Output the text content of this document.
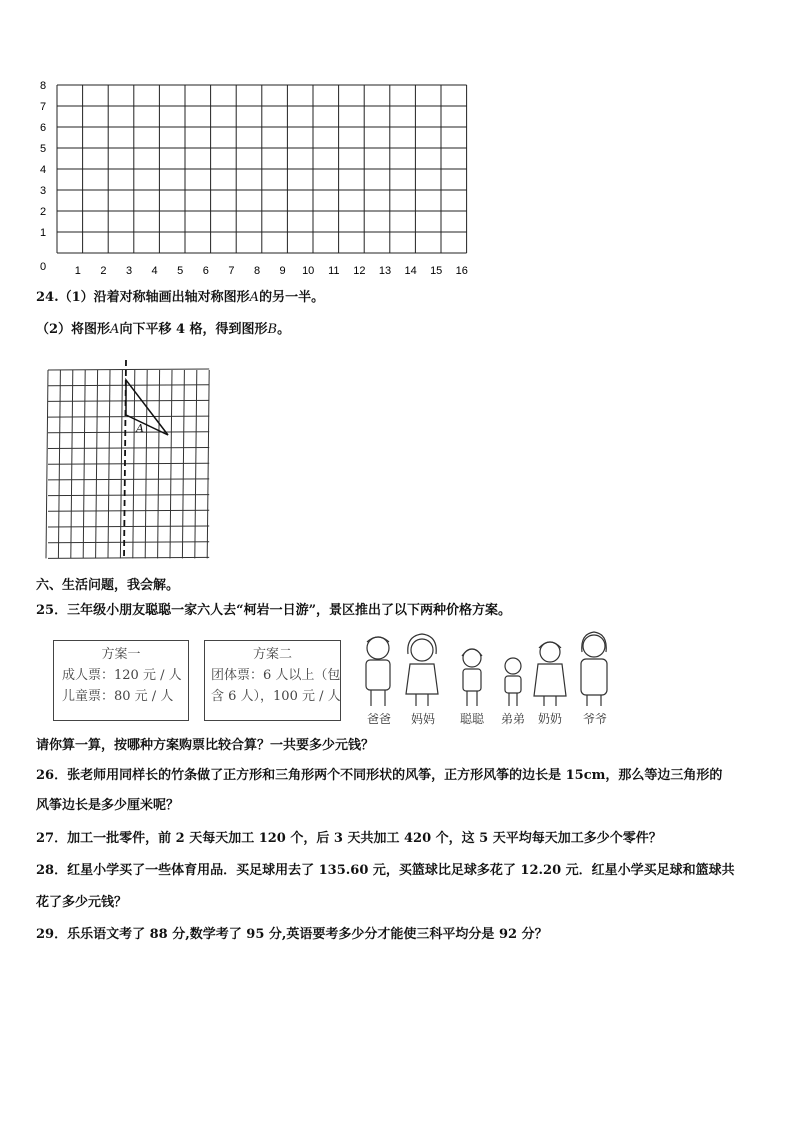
8
7
6
5
4
3
2
1
0	1 2 3 4 5 6 7 8 9 10 11 12 13 14 15 16
24.（1）沿着对称轴画出轴对称图形A的另一半。
（2）将图形A向下平移 4 格，得到图形B。
A
六、生活问题，我会解。
25．三年级小朋友聪聪一家六人去“柯岩一日游”，景区推出了以下两种价格方案。
方案一
成人票：120 元 / 人
儿童票：80 元 / 人
方案二
团体票：6 人以上（包
含 6 人），100 元 / 人
爸爸 妈妈 聪聪 弟弟 奶奶 爷爷
请你算一算，按哪种方案购票比较合算？一共要多少元钱？
26．张老师用同样长的竹条做了正方形和三角形两个不同形状的风筝，正方形风筝的边长是 15cm，那么等边三角形的
风筝边长是多少厘米呢？
27．加工一批零件，前 2 天每天加工 120 个，后 3 天共加工 420 个，这 5 天平均每天加工多少个零件？
28．红星小学买了一些体育用品．买足球用去了 135.60 元，买篮球比足球多花了 12.20 元．红星小学买足球和篮球共
花了多少元钱？
29．乐乐语文考了 88 分,数学考了 95 分,英语要考多少分才能使三科平均分是 92 分？
